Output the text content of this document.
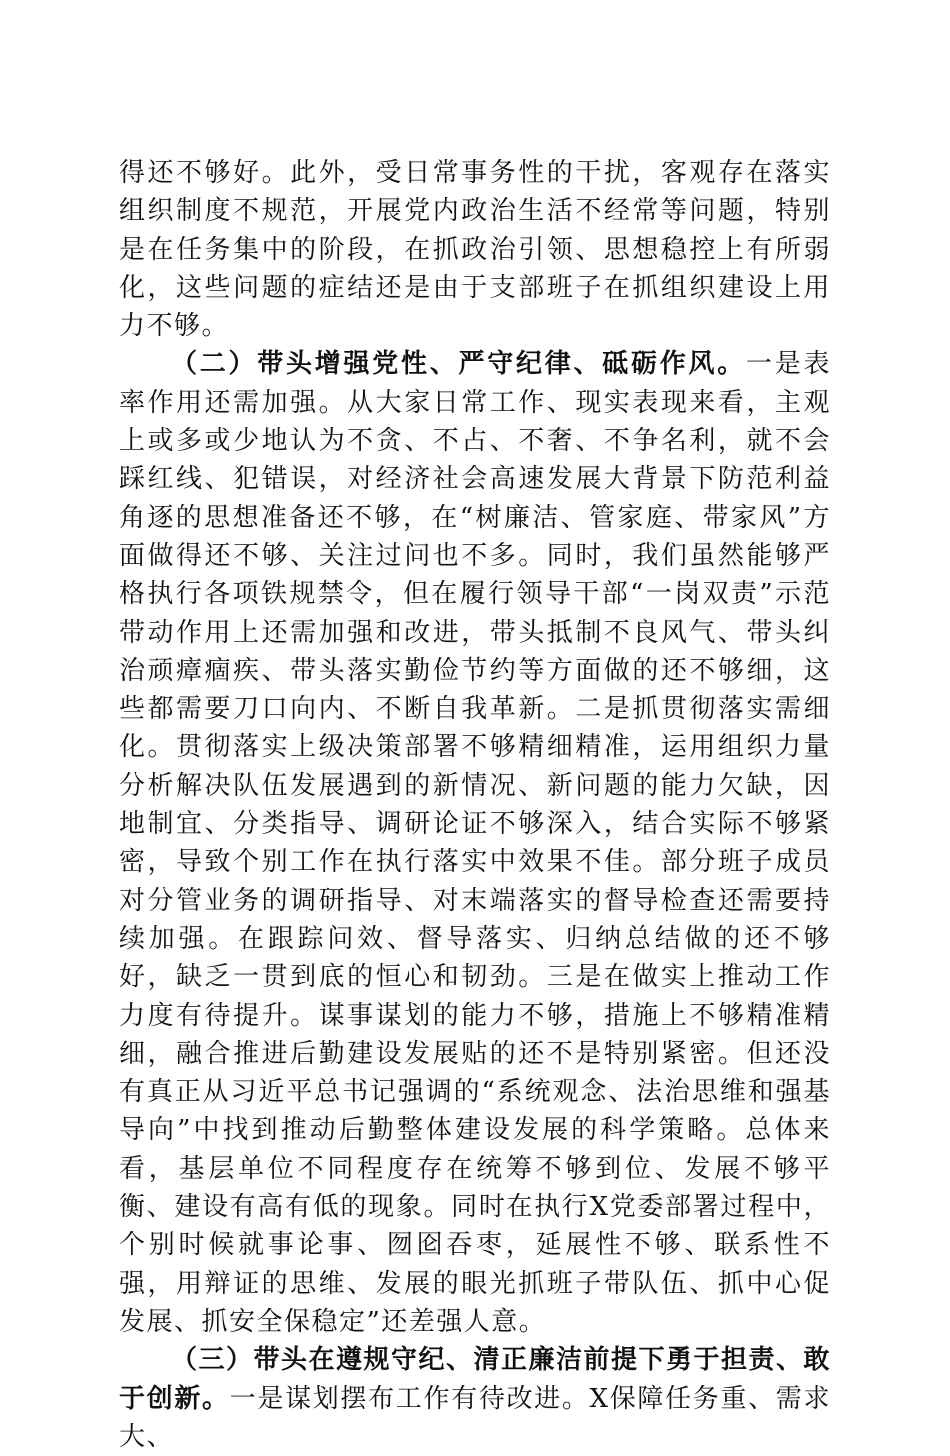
得还不够好。此外，受日常事务性的干扰，客观存在落实组织制度不规范，开展党内政治生活不经常等问题，特别是在任务集中的阶段，在抓政治引领、思想稳控上有所弱化，这些问题的症结还是由于支部班子在抓组织建设上用力不够。

（二）带头增强党性、严守纪律、砥砺作风。一是表率作用还需加强。从大家日常工作、现实表现来看，主观上或多或少地认为不贪、不占、不奢、不争名利，就不会踩红线、犯错误，对经济社会高速发展大背景下防范利益角逐的思想准备还不够，在“树廉洁、管家庭、带家风”方面做得还不够、关注过问也不多。同时，我们虽然能够严格执行各项铁规禁令，但在履行领导干部“一岗双责”示范带动作用上还需加强和改进，带头抵制不良风气、带头纠治顽瘴痼疾、带头落实勤俭节约等方面做的还不够细，这些都需要刀口向内、不断自我革新。二是抓贯彻落实需细化。贯彻落实上级决策部署不够精细精准，运用组织力量分析解决队伍发展遇到的新情况、新问题的能力欠缺，因地制宜、分类指导、调研论证不够深入，结合实际不够紧密，导致个别工作在执行落实中效果不佳。部分班子成员对分管业务的调研指导、对末端落实的督导检查还需要持续加强。在跟踪问效、督导落实、归纳总结做的还不够好，缺乏一贯到底的恒心和韧劲。三是在做实上推动工作力度有待提升。谋事谋划的能力不够，措施上不够精准精细，融合推进后勤建设发展贴的还不是特别紧密。但还没有真正从习近平总书记强调的“系统观念、法治思维和强基导向”中找到推动后勤整体建设发展的科学策略。总体来看，基层单位不同程度存在统筹不够到位、发展不够平衡、建设有高有低的现象。同时在执行X党委部署过程中，个别时候就事论事、囫囵吞枣，延展性不够、联系性不强，用辩证的思维、发展的眼光抓班子带队伍、抓中心促发展、抓安全保稳定”还差强人意。

（三）带头在遵规守纪、清正廉洁前提下勇于担责、敢于创新。一是谋划摆布工作有待改进。X保障任务重、需求大、
